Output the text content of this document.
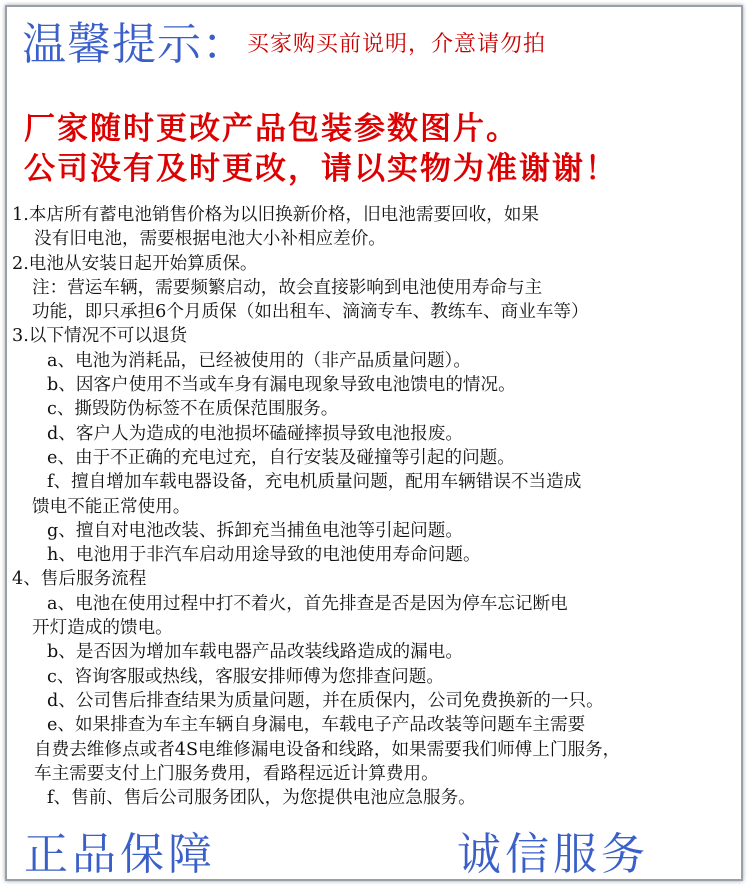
温馨提示：买家购买前说明，介意请勿拍
厂家随时更改产品包装参数图片。
公司没有及时更改，请以实物为准谢谢！
1.本店所有蓄电池销售价格为以旧换新价格，旧电池需要回收，如果
没有旧电池，需要根据电池大小补相应差价。
2.电池从安装日起开始算质保。
注：营运车辆，需要频繁启动，故会直接影响到电池使用寿命与主
功能，即只承担6个月质保（如出租车、滴滴专车、教练车、商业车等）
3.以下情况不可以退货
a、电池为消耗品，已经被使用的（非产品质量问题）。
b、因客户使用不当或车身有漏电现象导致电池馈电的情况。
c、撕毁防伪标签不在质保范围服务。
d、客户人为造成的电池损坏磕碰摔损导致电池报废。
e、由于不正确的充电过充，自行安装及碰撞等引起的问题。
f、擅自增加车载电器设备，充电机质量问题，配用车辆错误不当造成
馈电不能正常使用。
g、擅自对电池改装、拆卸充当捕鱼电池等引起问题。
h、电池用于非汽车启动用途导致的电池使用寿命问题。
4、售后服务流程
a、电池在使用过程中打不着火，首先排查是否是因为停车忘记断电
开灯造成的馈电。
b、是否因为增加车载电器产品改装线路造成的漏电。
c、咨询客服或热线，客服安排师傅为您排查问题。
d、公司售后排查结果为质量问题，并在质保内，公司免费换新的一只。
e、如果排查为车主车辆自身漏电，车载电子产品改装等问题车主需要
自费去维修点或者4S电维修漏电设备和线路，如果需要我们师傅上门服务，
车主需要支付上门服务费用，看路程远近计算费用。
f、售前、售后公司服务团队，为您提供电池应急服务。
正品保障	诚信服务
